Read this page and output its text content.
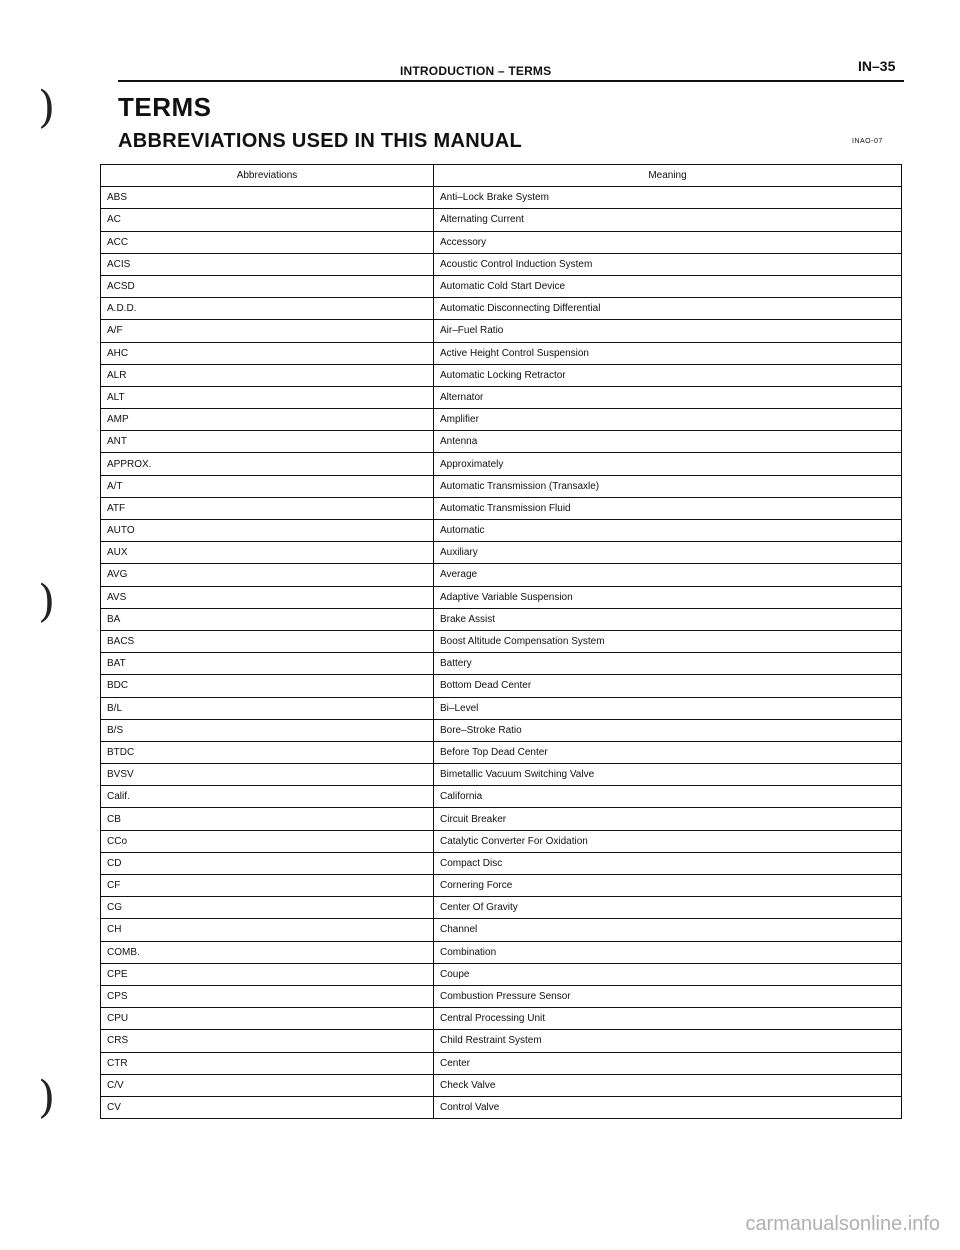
INTRODUCTION – TERMS	IN–35
)
)
)
TERMS
ABBREVIATIONS USED IN THIS MANUAL	INAO-07
Abbreviations	Meaning
ABS	Anti–Lock Brake System
AC	Alternating Current
ACC	Accessory
ACIS	Acoustic Control Induction System
ACSD	Automatic Cold Start Device
A.D.D.	Automatic Disconnecting Differential
A/F	Air–Fuel Ratio
AHC	Active Height Control Suspension
ALR	Automatic Locking Retractor
ALT	Alternator
AMP	Amplifier
ANT	Antenna
APPROX.	Approximately
A/T	Automatic Transmission (Transaxle)
ATF	Automatic Transmission Fluid
AUTO	Automatic
AUX	Auxiliary
AVG	Average
AVS	Adaptive Variable Suspension
BA	Brake Assist
BACS	Boost Altitude Compensation System
BAT	Battery
BDC	Bottom Dead Center
B/L	Bi–Level
B/S	Bore–Stroke Ratio
BTDC	Before Top Dead Center
BVSV	Bimetallic Vacuum Switching Valve
Calif.	California
CB	Circuit Breaker
CCo	Catalytic Converter For Oxidation
CD	Compact Disc
CF	Cornering Force
CG	Center Of Gravity
CH	Channel
COMB.	Combination
CPE	Coupe
CPS	Combustion Pressure Sensor
CPU	Central Processing Unit
CRS	Child Restraint System
CTR	Center
C/V	Check Valve
CV	Control Valve
carmanualsonline.info
